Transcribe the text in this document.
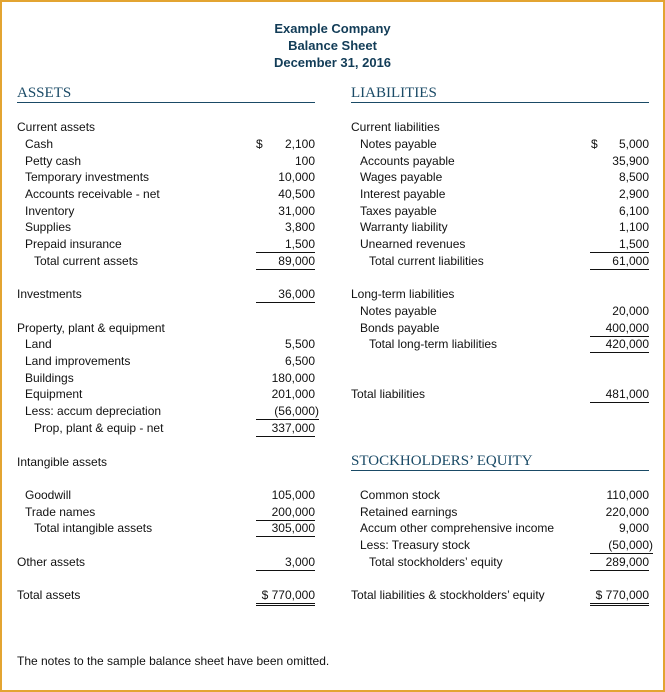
Example Company
Balance Sheet
December 31, 2016
ASSETS	LIABILITIES
STOCKHOLDERS’ EQUITY
Current assets
$
Cash	2,100
Petty cash	100
Temporary investments	10,000
Accounts receivable - net	40,500
Inventory	31,000
Supplies	3,800
Prepaid insurance	1,500
Total current assets	89,000
Investments	36,000
Property, plant & equipment
Land	5,500
Land improvements	6,500
Buildings	180,000
Equipment	201,000
Less: accum depreciation	(56,000)
Prop, plant & equip - net	337,000
Intangible assets
Goodwill	105,000
Trade names	200,000
Total intangible assets	305,000
Other assets	3,000
Total assets	$ 770,000
Current liabilities
$
Notes payable	5,000
Accounts payable	35,900
Wages payable	8,500
Interest payable	2,900
Taxes payable	6,100
Warranty liability	1,100
Unearned revenues	1,500
Total current liabilities	61,000
Long-term liabilities
Notes payable	20,000
Bonds payable	400,000
Total long-term liabilities	420,000
Total liabilities	481,000
Common stock	110,000
Retained earnings	220,000
Accum other comprehensive income	9,000
Less: Treasury stock	(50,000)
Total stockholders’ equity	289,000
Total liabilities & stockholders’ equity	$ 770,000
The notes to the sample balance sheet have been omitted.
